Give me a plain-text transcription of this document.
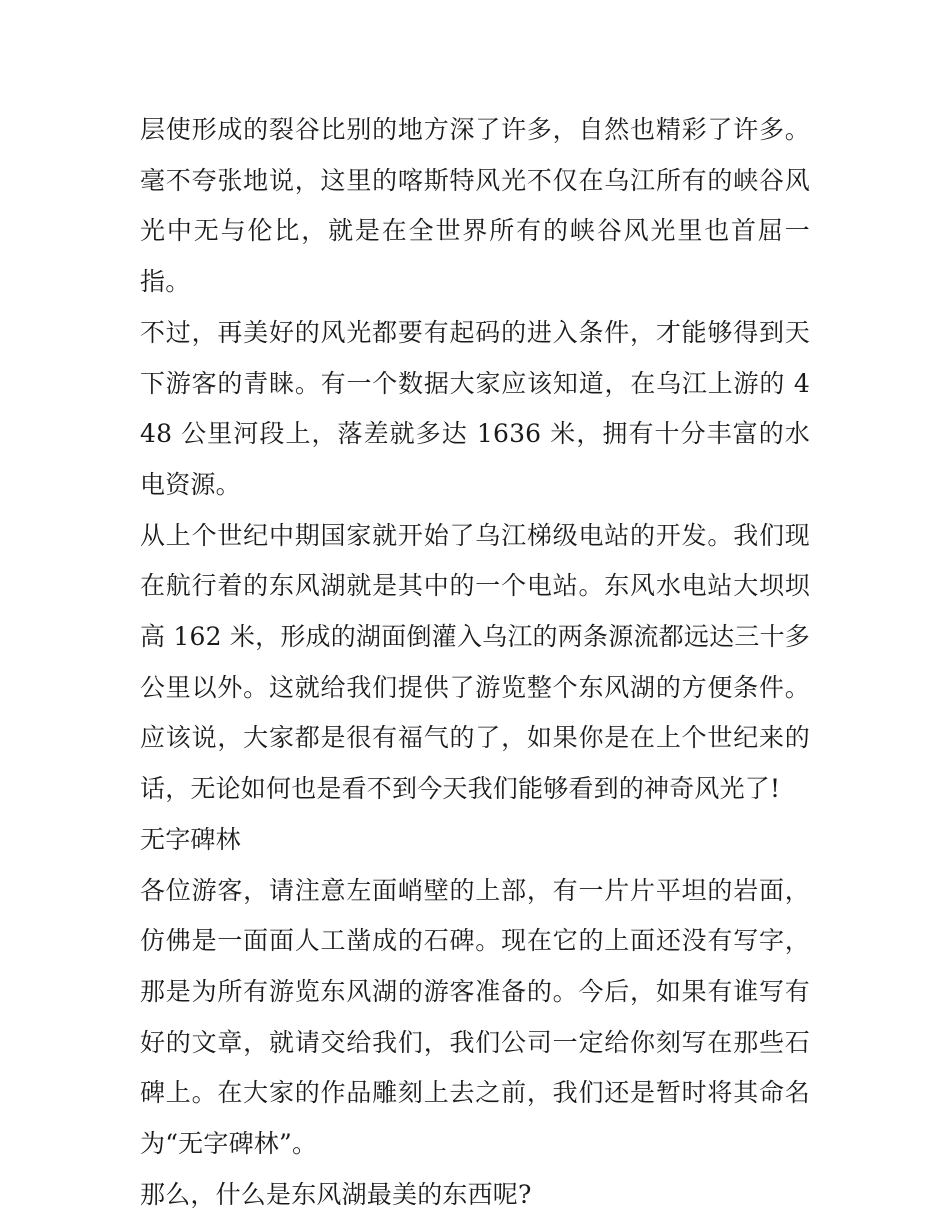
层使形成的裂谷比别的地方深了许多，自然也精彩了许多。毫不夸张地说，这里的喀斯特风光不仅在乌江所有的峡谷风光中无与伦比，就是在全世界所有的峡谷风光里也首屈一指。

不过，再美好的风光都要有起码的进入条件，才能够得到天下游客的青睐。有一个数据大家应该知道，在乌江上游的 448 公里河段上，落差就多达 1636 米，拥有十分丰富的水电资源。

从上个世纪中期国家就开始了乌江梯级电站的开发。我们现在航行着的东风湖就是其中的一个电站。东风水电站大坝坝高 162 米，形成的湖面倒灌入乌江的两条源流都远达三十多公里以外。这就给我们提供了游览整个东风湖的方便条件。应该说，大家都是很有福气的了，如果你是在上个世纪来的话，无论如何也是看不到今天我们能够看到的神奇风光了!

无字碑林

各位游客，请注意左面峭壁的上部，有一片片平坦的岩面，仿佛是一面面人工凿成的石碑。现在它的上面还没有写字，那是为所有游览东风湖的游客准备的。今后，如果有谁写有好的文章，就请交给我们，我们公司一定给你刻写在那些石碑上。在大家的作品雕刻上去之前，我们还是暂时将其命名为“无字碑林”。

那么，什么是东风湖最美的东西呢?
